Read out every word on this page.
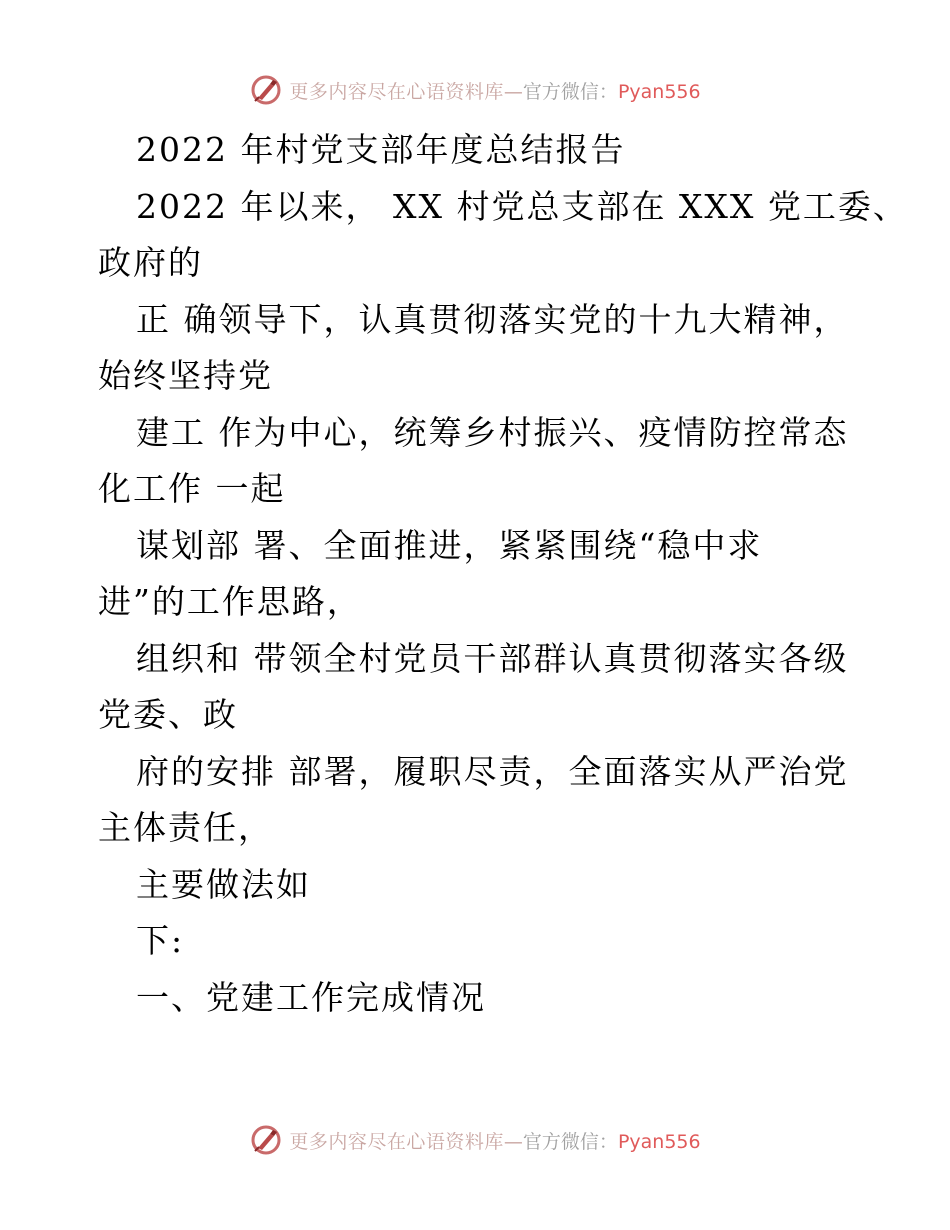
更多内容尽在心语资料库—官方微信：Pyan556
2022 年村党支部年度总结报告
2022 年以来， XX 村党总支部在 XXX 党工委、
政府的
正 确领导下，认真贯彻落实党的十九大精神，
始终坚持党
建工 作为中心，统筹乡村振兴、疫情防控常态
化工作 一起
谋划部 署、全面推进，紧紧围绕“稳中求
进”的工作思路，
组织和 带领全村党员干部群认真贯彻落实各级
党委、政
府的安排 部署，履职尽责，全面落实从严治党
主体责任，
主要做法如
下:
一、党建工作完成情况
更多内容尽在心语资料库—官方微信：Pyan556
